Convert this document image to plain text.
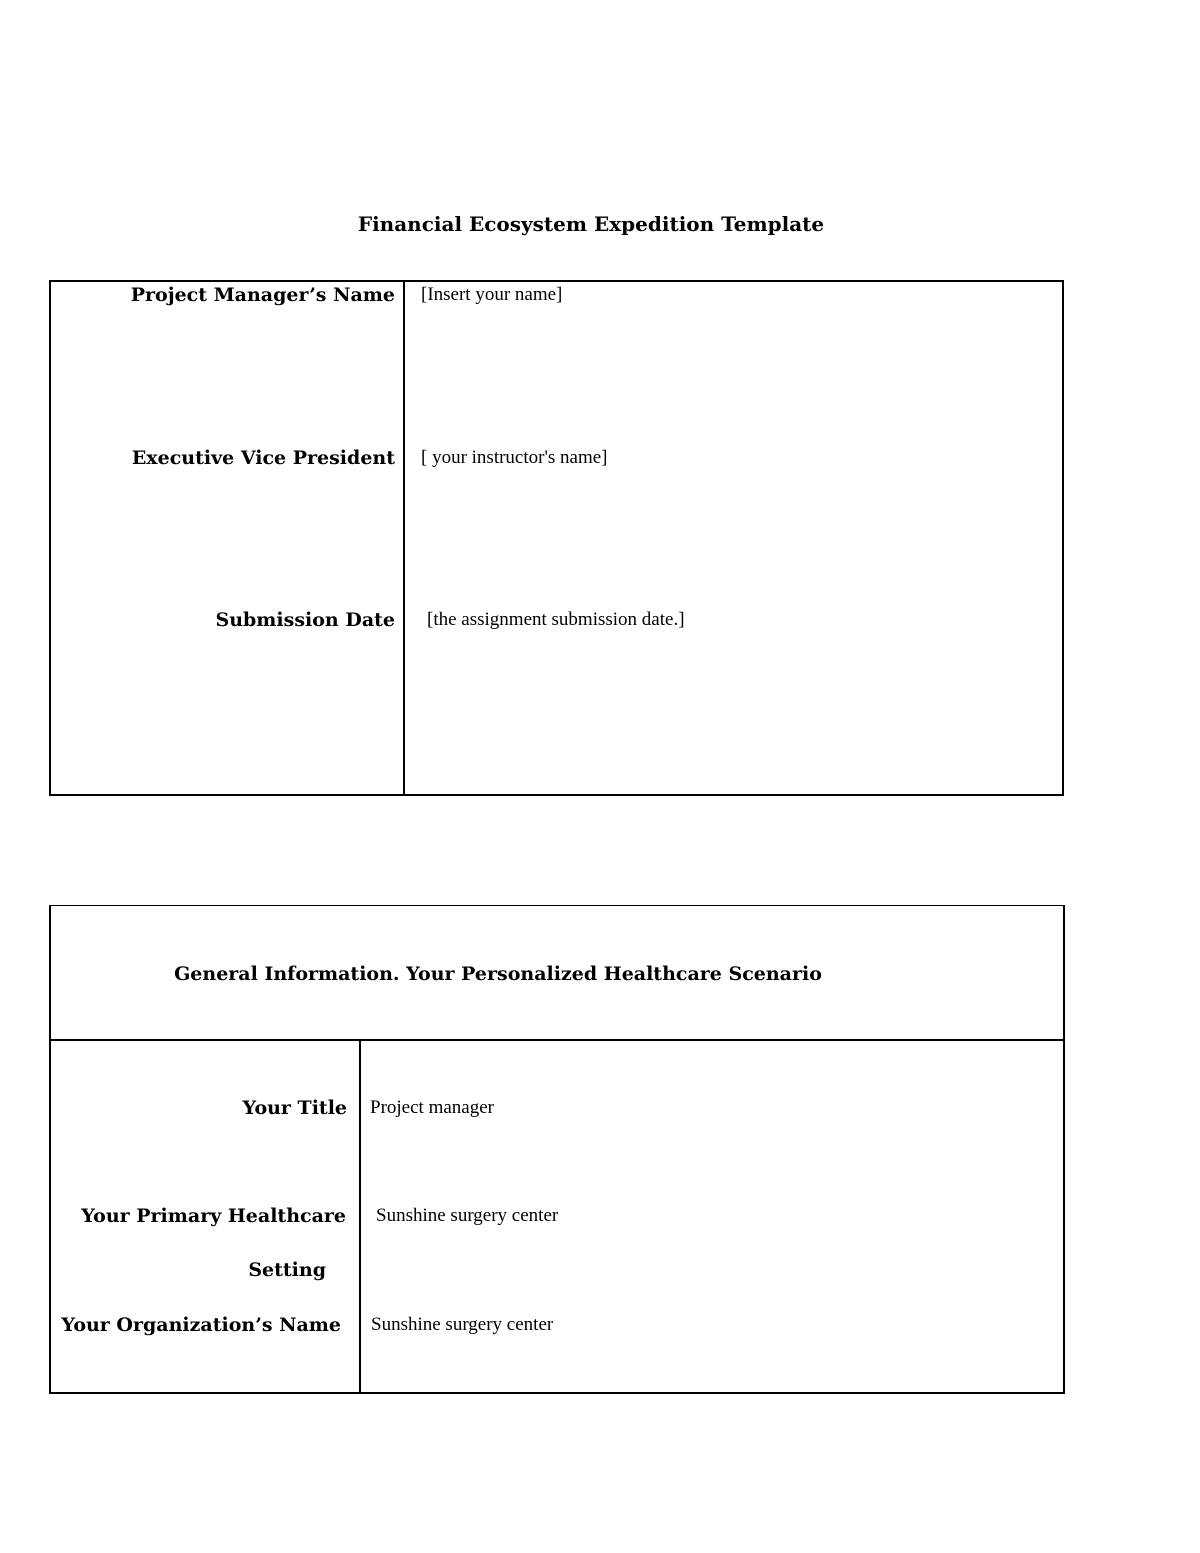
Financial Ecosystem Expedition Template
Project Manager’s Name [Insert your name]
Executive Vice President [ your instructor's name]
Submission Date [the assignment submission date.]
General Information. Your Personalized Healthcare Scenario
Your Title Project manager
Your Primary Healthcare
Setting
Sunshine surgery center
Your Organization’s Name Sunshine surgery center
